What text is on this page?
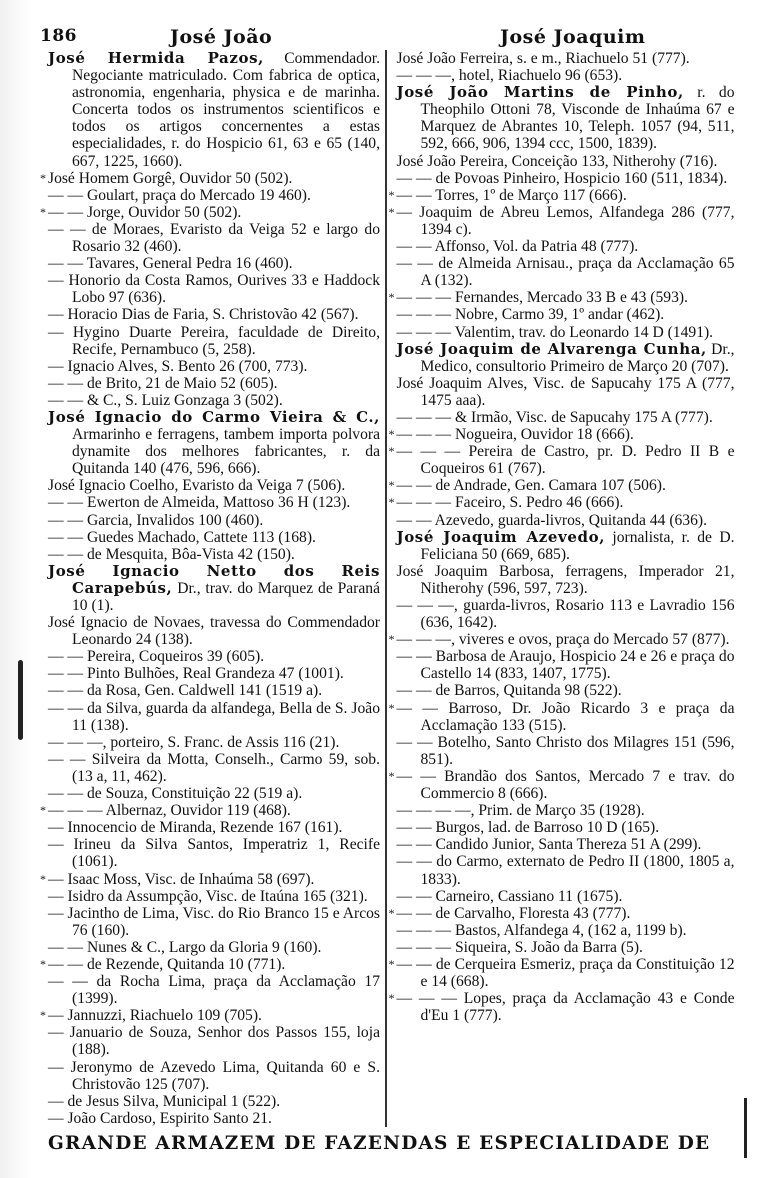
186	José João	José Joaquim

José Hermida Pazos, Commendador. Negociante matriculado. Com fabrica de optica, astronomia, engenharia, physica e de marinha. Concerta todos os instrumentos scientificos e todos os artigos concernentes a estas especialidades, r. do Hospicio 61, 63 e 65 (140, 667, 1225, 1660).

* José Homem Gorgê, Ouvidor 50 (502).

— — Goulart, praça do Mercado 19 460).

* — — Jorge, Ouvidor 50 (502).

— — de Moraes, Evaristo da Veiga 52 e largo do Rosario 32 (460).

— — Tavares, General Pedra 16 (460).

— Honorio da Costa Ramos, Ourives 33 e Haddock Lobo 97 (636).

— Horacio Dias de Faria, S. Christovão 42 (567).

— Hygino Duarte Pereira, faculdade de Direito, Recife, Pernambuco (5, 258).

— Ignacio Alves, S. Bento 26 (700, 773).

— — de Brito, 21 de Maio 52 (605).

— — & C., S. Luiz Gonzaga 3 (502).

José Ignacio do Carmo Vieira & C., Armarinho e ferragens, tambem importa polvora dynamite dos melhores fabricantes, r. da Quitanda 140 (476, 596, 666).

José Ignacio Coelho, Evaristo da Veiga 7 (506).

— — Ewerton de Almeida, Mattoso 36 H (123).

— — Garcia, Invalidos 100 (460).

— — Guedes Machado, Cattete 113 (168).

— — de Mesquita, Bôa-Vista 42 (150).

José Ignacio Netto dos Reis Carapebús, Dr., trav. do Marquez de Paraná 10 (1).

José Ignacio de Novaes, travessa do Commendador Leonardo 24 (138).

— — Pereira, Coqueiros 39 (605).

— — Pinto Bulhões, Real Grandeza 47 (1001).

— — da Rosa, Gen. Caldwell 141 (1519 a).

— — da Silva, guarda da alfandega, Bella de S. João 11 (138).

— — —, porteiro, S. Franc. de Assis 116 (21).

— — Silveira da Motta, Conselh., Carmo 59, sob. (13 a, 11, 462).

— — de Souza, Constituição 22 (519 a).

* — — — Albernaz, Ouvidor 119 (468).

— Innocencio de Miranda, Rezende 167 (161).

— Irineu da Silva Santos, Imperatriz 1, Recife (1061).

* — Isaac Moss, Visc. de Inhaúma 58 (697).

— Isidro da Assumpção, Visc. de Itaúna 165 (321).

— Jacintho de Lima, Visc. do Rio Branco 15 e Arcos 76 (160).

— — Nunes & C., Largo da Gloria 9 (160).

* — — de Rezende, Quitanda 10 (771).

— — da Rocha Lima, praça da Acclamação 17 (1399).

* — Jannuzzi, Riachuelo 109 (705).

— Januario de Souza, Senhor dos Passos 155, loja (188).

— Jeronymo de Azevedo Lima, Quitanda 60 e S. Christovão 125 (707).

— de Jesus Silva, Municipal 1 (522).

— João Cardoso, Espirito Santo 21.

José João Ferreira, s. e m., Riachuelo 51 (777).

— — —, hotel, Riachuelo 96 (653).

José João Martins de Pinho, r. do Theophilo Ottoni 78, Visconde de Inhaúma 67 e Marquez de Abrantes 10, Teleph. 1057 (94, 511, 592, 666, 906, 1394 ccc, 1500, 1839).

José João Pereira, Conceição 133, Nitherohy (716).

— — de Povoas Pinheiro, Hospicio 160 (511, 1834).

* — — Torres, 1º de Março 117 (666).

* — Joaquim de Abreu Lemos, Alfandega 286 (777, 1394 c).

— — Affonso, Vol. da Patria 48 (777).

— — de Almeida Arnisau., praça da Acclamação 65 A (132).

* — — — Fernandes, Mercado 33 B e 43 (593).

— — — Nobre, Carmo 39, 1º andar (462).

— — — Valentim, trav. do Leonardo 14 D (1491).

José Joaquim de Alvarenga Cunha, Dr., Medico, consultorio Primeiro de Março 20 (707).

José Joaquim Alves, Visc. de Sapucahy 175 A (777, 1475 aaa).

— — — & Irmão, Visc. de Sapucahy 175 A (777).

* — — — Nogueira, Ouvidor 18 (666).

* — — — Pereira de Castro, pr. D. Pedro II B e Coqueiros 61 (767).

* — — de Andrade, Gen. Camara 107 (506).

* — — — Faceiro, S. Pedro 46 (666).

— — Azevedo, guarda-livros, Quitanda 44 (636).

José Joaquim Azevedo, jornalista, r. de D. Feliciana 50 (669, 685).

José Joaquim Barbosa, ferragens, Imperador 21, Nitherohy (596, 597, 723).

— — —, guarda-livros, Rosario 113 e Lavradio 156 (636, 1642).

* — — —, viveres e ovos, praça do Mercado 57 (877).

— — Barbosa de Araujo, Hospicio 24 e 26 e praça do Castello 14 (833, 1407, 1775).

— — de Barros, Quitanda 98 (522).

* — — Barroso, Dr. João Ricardo 3 e praça da Acclamação 133 (515).

— — Botelho, Santo Christo dos Milagres 151 (596, 851).

* — — Brandão dos Santos, Mercado 7 e trav. do Commercio 8 (666).

— — — —, Prim. de Março 35 (1928).

— — Burgos, lad. de Barroso 10 D (165).

— — Candido Junior, Santa Thereza 51 A (299).

— — do Carmo, externato de Pedro II (1800, 1805 a, 1833).

— — Carneiro, Cassiano 11 (1675).

* — — de Carvalho, Floresta 43 (777).

— — — Bastos, Alfandega 4, (162 a, 1199 b).

— — — Siqueira, S. João da Barra (5).

* — — de Cerqueira Esmeriz, praça da Constituição 12 e 14 (668).

* — — — Lopes, praça da Acclamação 43 e Conde d'Eu 1 (777).

GRANDE ARMAZEM DE FAZENDAS E ESPECIALIDADE DE
